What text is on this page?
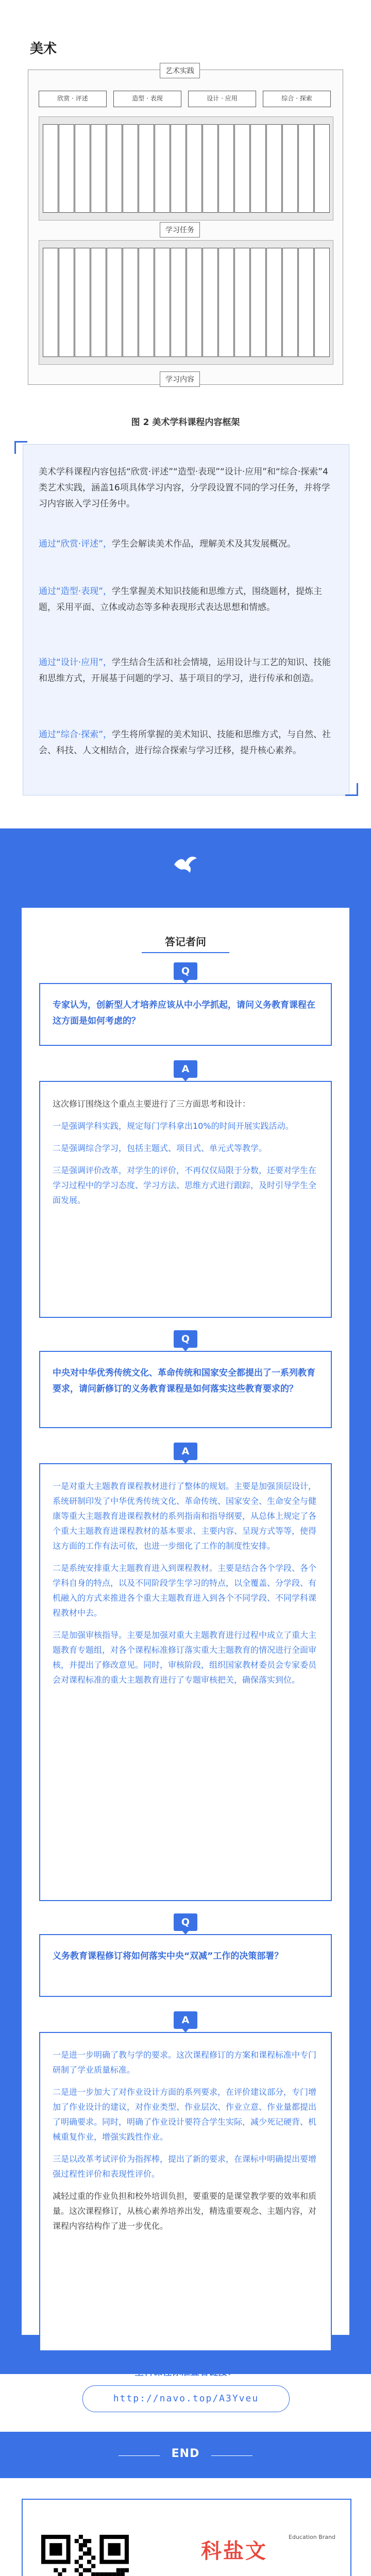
美术
艺术实践
欣赏 · 评述	造型 · 表现	设计 · 应用	综合 · 探索
学习任务
学习内容
图 2 美术学科课程内容框架
美术学科课程内容包括“欣赏·评述”“造型·表现”“设计·应用”和“综合·探索”4类艺术实践，涵盖16项具体学习内容，分学段设置不同的学习任务，并将学习内容嵌入学习任务中。
通过“欣赏·评述”，学生会解读美术作品，理解美术及其发展概况。
通过“造型·表现”，学生掌握美术知识技能和思维方式，围绕题材，提炼主题，采用平面、立体或动态等多种表现形式表达思想和情感。
通过“设计·应用”，学生结合生活和社会情境，运用设计与工艺的知识、技能和思维方式，开展基于问题的学习、基于项目的学习，进行传承和创造。
通过“综合·探索”，学生将所掌握的美术知识、技能和思维方式，与自然、社会、科技、人文相结合，进行综合探索与学习迁移，提升核心素养。
答记者问
Q
专家认为，创新型人才培养应该从中小学抓起，请问义务教育课程在这方面是如何考虑的？
A

这次修订围绕这个重点主要进行了三方面思考和设计：

一是强调学科实践，规定每门学科拿出10%的时间开展实践活动。

二是强调综合学习，包括主题式、项目式、单元式等教学。

三是强调评价改革，对学生的评价，不再仅仅局限于分数，还要对学生在学习过程中的学习态度、学习方法、思维方式进行跟踪，及时引导学生全面发展。

Q
中央对中华优秀传统文化、革命传统和国家安全都提出了一系列教育要求，请问新修订的义务教育课程是如何落实这些教育要求的？
A

一是对重大主题教育课程教材进行了整体的规划。主要是加强顶层设计，系统研制印发了中华优秀传统文化、革命传统、国家安全、生命安全与健康等重大主题教育进课程教材的系列指南和指导纲要，从总体上规定了各个重大主题教育进课程教材的基本要求、主要内容、呈现方式等等，使得这方面的工作有法可依，也进一步细化了工作的制度性安排。

二是系统安排重大主题教育进入到课程教材。主要是结合各个学段、各个学科自身的特点，以及不同阶段学生学习的特点，以全覆盖、分学段、有机融入的方式来推进各个重大主题教育进入到各个不同学段、不同学科课程教材中去。

三是加强审核指导。主要是加强对重大主题教育进行过程中成立了重大主题教育专题组，对各个课程标准修订落实重大主题教育的情况进行全面审核，并提出了修改意见。同时，审核阶段，组织国家教材委员会专家委员会对课程标准的重大主题教育进行了专题审核把关，确保落实到位。

Q
义务教育课程修订将如何落实中央“双减”工作的决策部署？
A

一是进一步明确了教与学的要求。这次课程修订的方案和课程标准中专门研制了学业质量标准。

二是进一步加大了对作业设计方面的系列要求，在评价建议部分，专门增加了作业设计的建议，对作业类型、作业层次、作业立意、作业量都提出了明确要求。同时，明确了作业设计要符合学生实际，减少死记硬背、机械重复作业，增强实践性作业。

三是以改革考试评价为指挥棒，提出了新的要求，在课标中明确提出要增强过程性评价和表现性评价。

减轻过重的作业负担和校外培训负担，要重要的是课堂教学要的效率和质量。这次课程修订，从核心素养培养出发，精选重要观念、主题内容，对课程内容结构作了进一步优化。

全科课程标准查看链接：
http://navo.top/A3Yveu
END
科盐文
Education Brand
